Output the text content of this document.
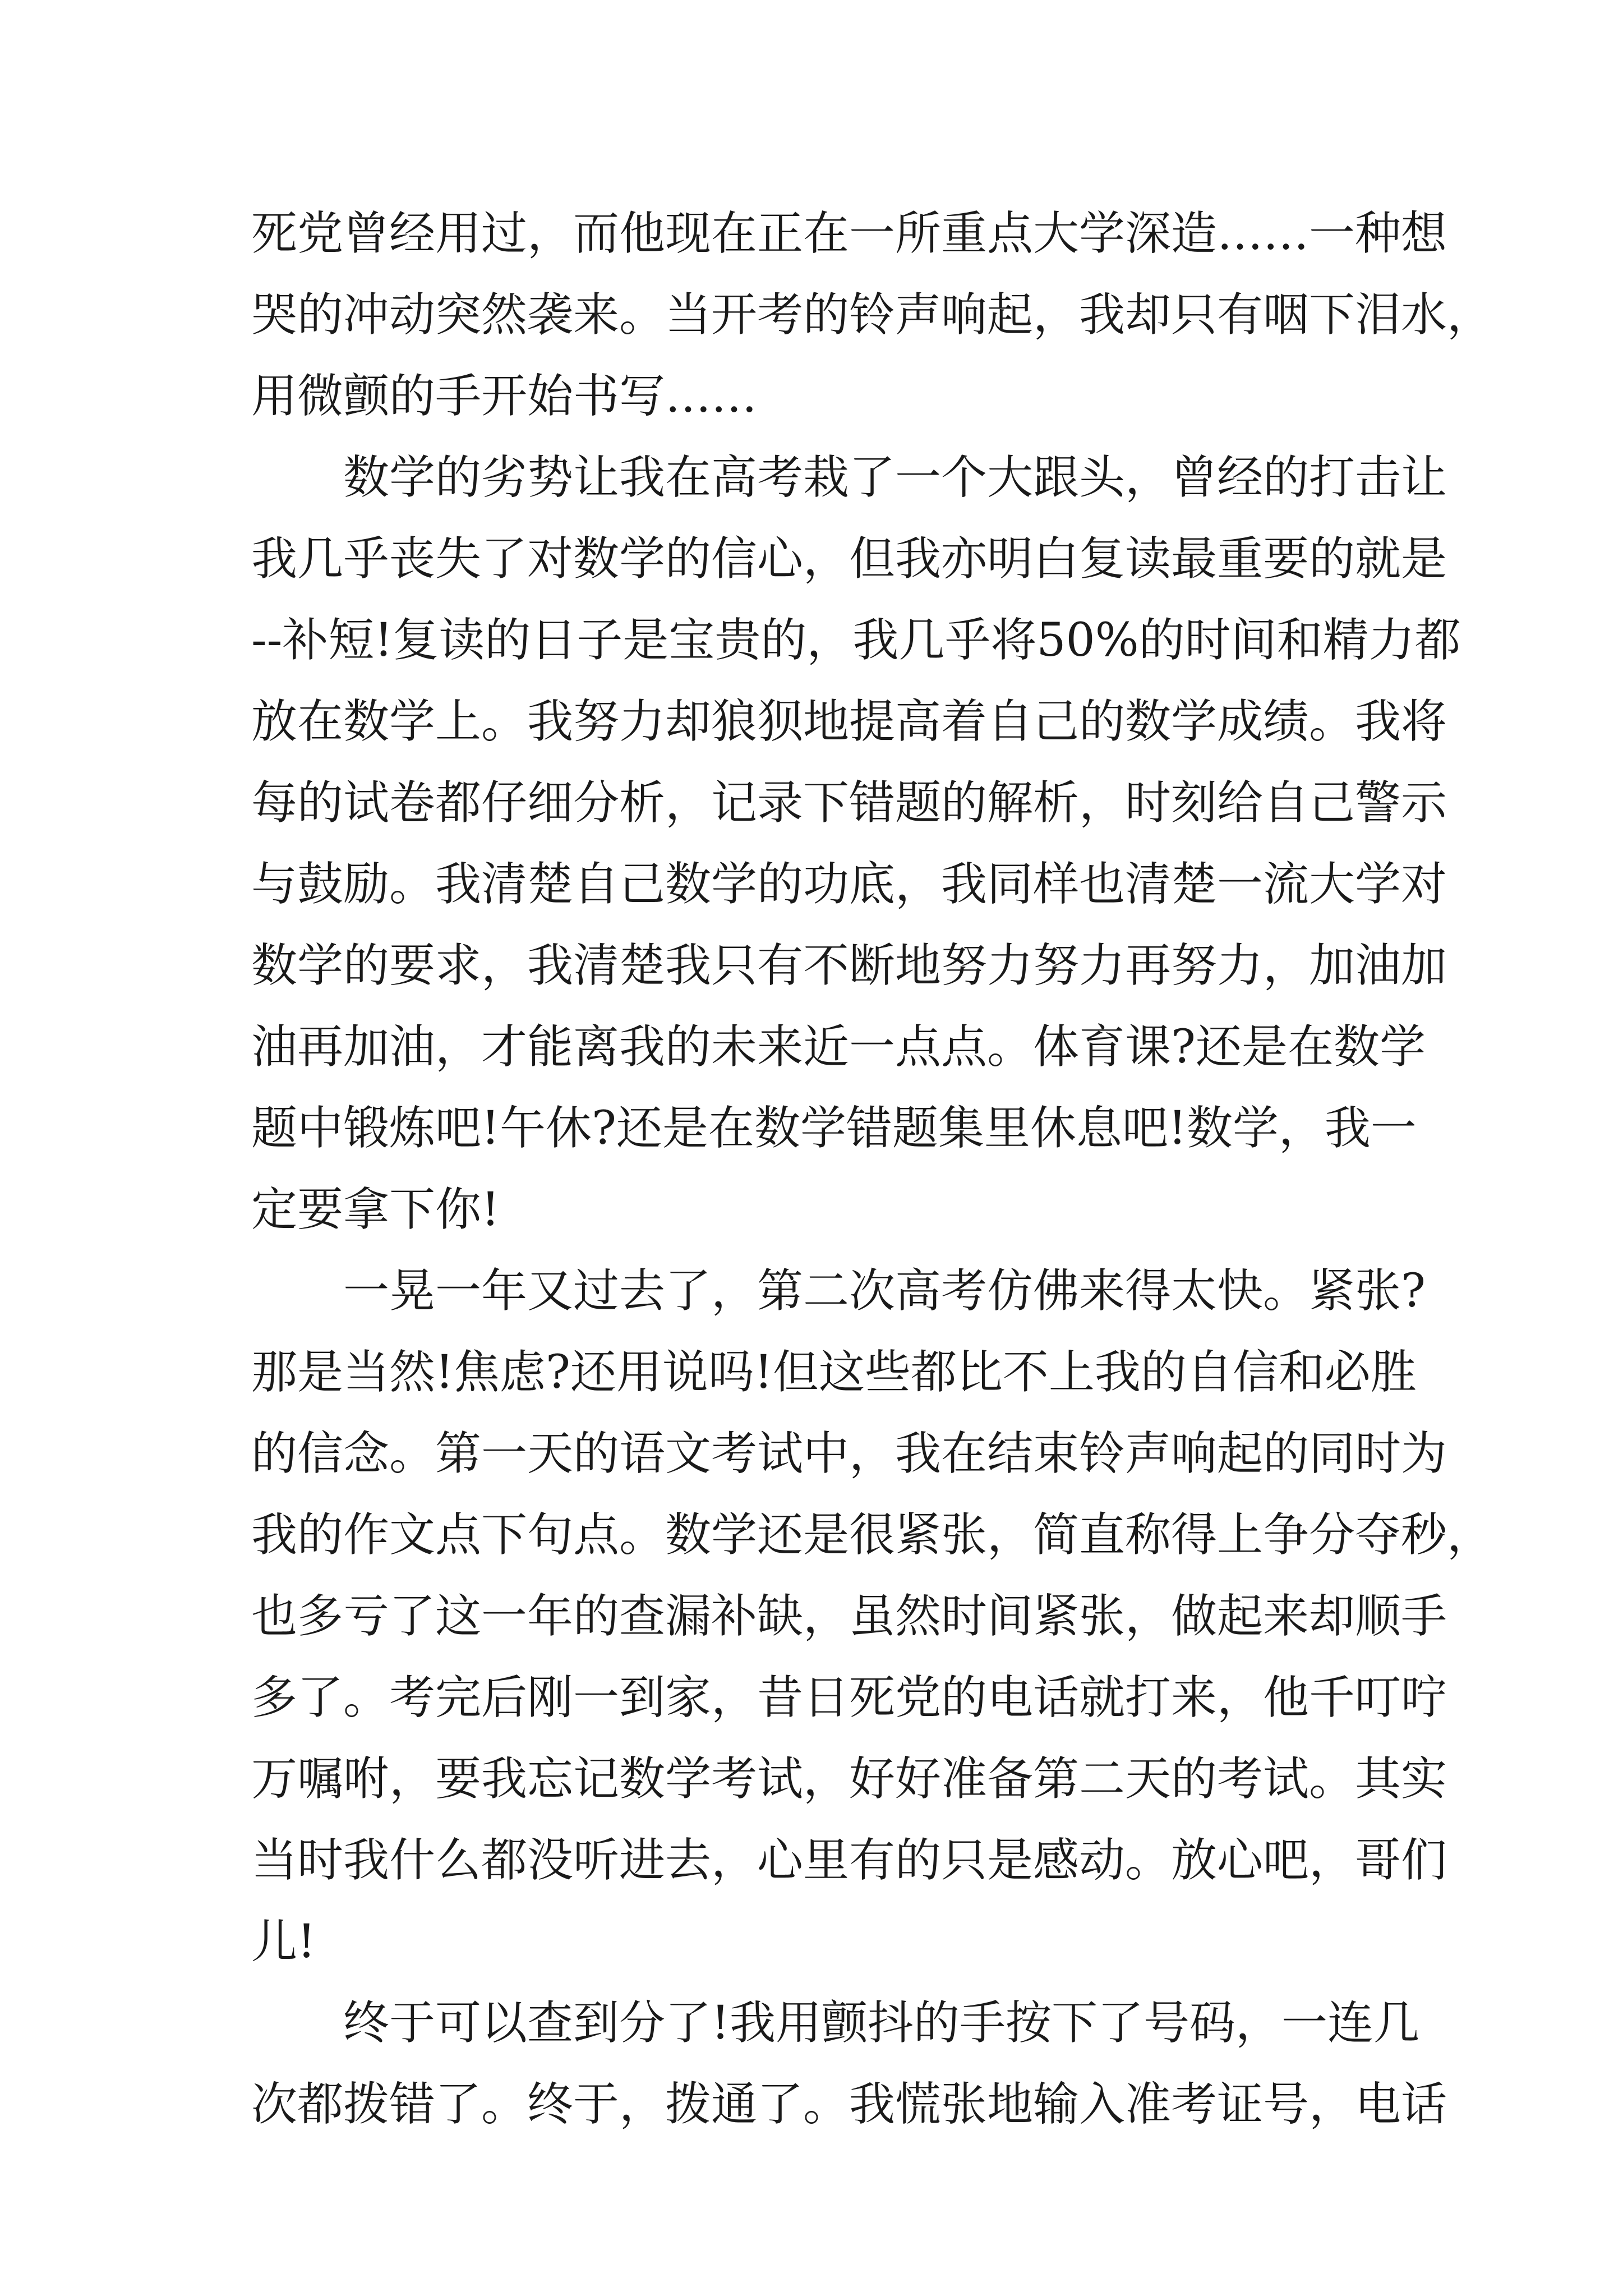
死党曾经用过，而他现在正在一所重点大学深造……一种想
哭的冲动突然袭来。当开考的铃声响起，我却只有咽下泪水，
用微颤的手开始书写……
数学的劣势让我在高考栽了一个大跟头，曾经的打击让
我几乎丧失了对数学的信心，但我亦明白复读最重要的就是
--补短!复读的日子是宝贵的，我几乎将50%的时间和精力都
放在数学上。我努力却狼狈地提高着自己的数学成绩。我将
每的试卷都仔细分析，记录下错题的解析，时刻给自己警示
与鼓励。我清楚自己数学的功底，我同样也清楚一流大学对
数学的要求，我清楚我只有不断地努力努力再努力，加油加
油再加油，才能离我的未来近一点点。体育课?还是在数学
题中锻炼吧!午休?还是在数学错题集里休息吧!数学，我一
定要拿下你!
一晃一年又过去了，第二次高考仿佛来得太快。紧张?
那是当然!焦虑?还用说吗!但这些都比不上我的自信和必胜
的信念。第一天的语文考试中，我在结束铃声响起的同时为
我的作文点下句点。数学还是很紧张，简直称得上争分夺秒，
也多亏了这一年的查漏补缺，虽然时间紧张，做起来却顺手
多了。考完后刚一到家，昔日死党的电话就打来，他千叮咛
万嘱咐，要我忘记数学考试，好好准备第二天的考试。其实
当时我什么都没听进去，心里有的只是感动。放心吧，哥们
儿!
终于可以查到分了!我用颤抖的手按下了号码，一连几
次都拨错了。终于，拨通了。我慌张地输入准考证号，电话
